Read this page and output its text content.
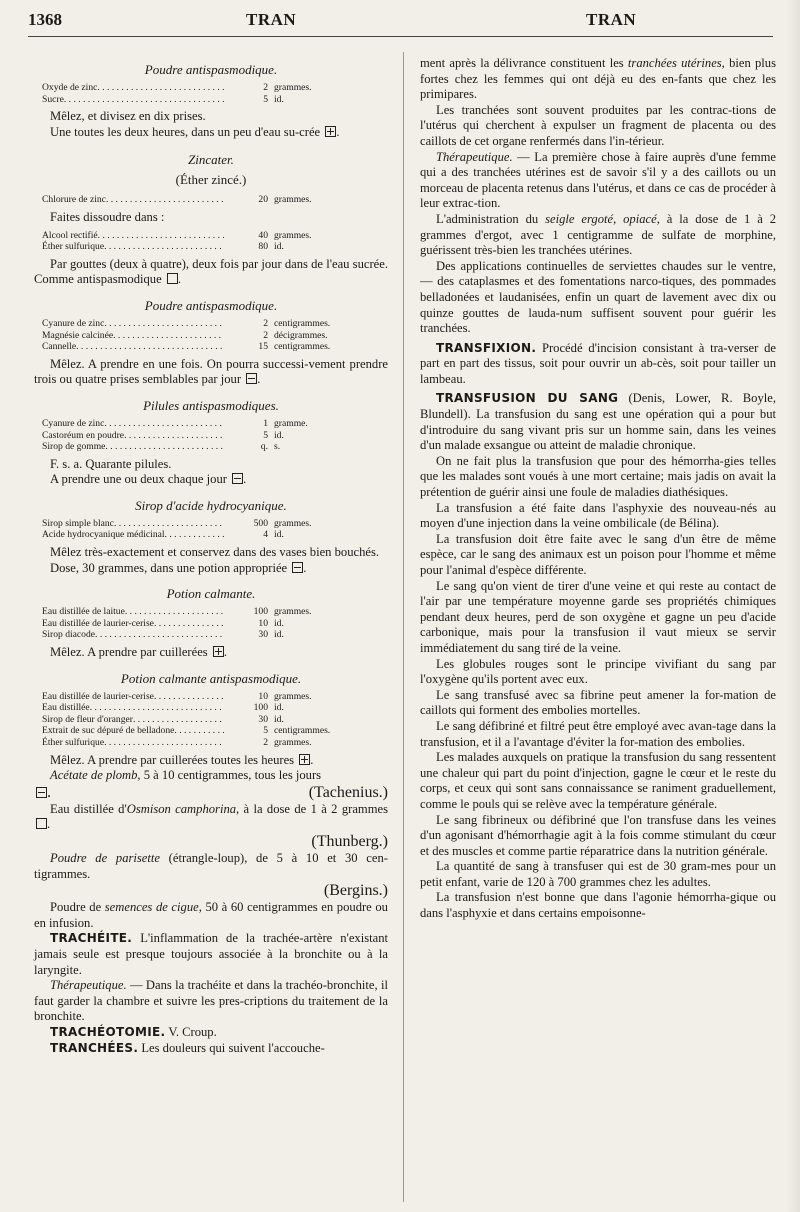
1368	TRAN	TRAN
Poudre antispasmodique.
Oxyde de zinc . . .	2 grammes.
Sucre . . .	5 id.

Mêlez, et divisez en dix prises.

Une toutes les deux heures, dans un peu d'eau su-crée .

Zincater.
(Éther zincé.)
Chlorure de zinc . . .	20 grammes.

Faites dissoudre dans :

Alcool rectifié . . .	40 grammes.
Éther sulfurique . . .	80 id.

Par gouttes (deux à quatre), deux fois par jour dans de l'eau sucrée. Comme antispasmodique .

Poudre antispasmodique.
Cyanure de zinc . . .	2 centigrammes.
Magnésie calcinée . . .	2 décigrammes.
Cannelle . . .	15 centigrammes.

Mêlez. A prendre en une fois. On pourra successi-vement prendre trois ou quatre prises semblables par jour .

Pilules antispasmodiques.
Cyanure de zinc . . .	1 gramme.
Castoréum en poudre . . .	5 id.
Sirop de gomme . . .	q. s.

F. s. a. Quarante pilules.

A prendre une ou deux chaque jour .

Sirop d'acide hydrocyanique.
Sirop simple blanc . . .	500 grammes.
Acide hydrocyanique médicinal . . .	4 id.

Mêlez très-exactement et conservez dans des vases bien bouchés.

Dose, 30 grammes, dans une potion appropriée .

Potion calmante.
Eau distillée de laitue . . .	100 grammes.
Eau distillée de laurier-cerise . . .	10 id.
Sirop diacode . . .	30 id.

Mêlez. A prendre par cuillerées .

Potion calmante antispasmodique.
Eau distillée de laurier-cerise . . .	10 grammes.
Eau distillée . . .	100 id.
Sirop de fleur d'oranger . . .	30 id.
Extrait de suc dépuré de belladone . . .	5 centigrammes.
Éther sulfurique . . .	2 grammes.

Mêlez. A prendre par cuillerées toutes les heures .

Acétate de plomb, 5 à 10 centigrammes, tous les jours

.	(Tachenius.)

Eau distillée d'Osmison camphorina, à la dose de 1 à 2 grammes .

(Thunberg.)

Poudre de parisette (étrangle-loup), de 5 à 10 et 30 cen-tigrammes.

(Bergins.)

Poudre de semences de cigue, 50 à 60 centigrammes en poudre ou en infusion.

TRACHÉITE. L'inflammation de la trachée-artère n'existant jamais seule est presque toujours associée à la bronchite ou à la laryngite.

Thérapeutique. — Dans la trachéite et dans la trachéo-bronchite, il faut garder la chambre et suivre les pres-criptions du traitement de la bronchite.

TRACHÉOTOMIE. V. Croup.

TRANCHÉES. Les douleurs qui suivent l'accouche-

ment après la délivrance constituent les tranchées utérines, bien plus fortes chez les femmes qui ont déjà eu des en-fants que chez les primipares.

Les tranchées sont souvent produites par les contrac-tions de l'utérus qui cherchent à expulser un fragment de placenta ou des caillots de cet organe renfermés dans l'in-térieur.

Thérapeutique. — La première chose à faire auprès d'une femme qui a des tranchées utérines est de savoir s'il y a des caillots ou un morceau de placenta retenus dans l'utérus, et dans ce cas de procéder à leur extrac-tion.

L'administration du seigle ergoté, opiacé, à la dose de 1 à 2 grammes d'ergot, avec 1 centigramme de sulfate de morphine, guérissent très-bien les tranchées utérines.

Des applications continuelles de serviettes chaudes sur le ventre, — des cataplasmes et des fomentations narco-tiques, des pommades belladonées et laudanisées, enfin un quart de lavement avec dix ou quinze gouttes de lauda-num suffisent souvent pour guérir les tranchées.

TRANSFIXION. Procédé d'incision consistant à tra-verser de part en part des tissus, soit pour ouvrir un ab-cès, soit pour tailler un lambeau.

TRANSFUSION DU SANG (Denis, Lower, R. Boyle, Blundell). La transfusion du sang est une opération qui a pour but d'introduire du sang vivant pris sur un homme sain, dans les veines d'un malade exsangue ou atteint de maladie chronique.

On ne fait plus la transfusion que pour des hémorrha-gies telles que les malades sont voués à une mort certaine; mais jadis on avait la prétention de guérir ainsi une foule de maladies diathésiques.

La transfusion a été faite dans l'asphyxie des nouveau-nés au moyen d'une injection dans la veine ombilicale (de Bélina).

La transfusion doit être faite avec le sang d'un être de même espèce, car le sang des animaux est un poison pour l'homme et même pour l'animal d'espèce différente.

Le sang qu'on vient de tirer d'une veine et qui reste au contact de l'air par une température moyenne garde ses propriétés chimiques pendant deux heures, perd de son oxygène et gagne un peu d'acide carbonique, mais pour la transfusion il vaut mieux se servir immédiatement du sang tiré de la veine.

Les globules rouges sont le principe vivifiant du sang par l'oxygène qu'ils portent avec eux.

Le sang transfusé avec sa fibrine peut amener la for-mation de caillots qui forment des embolies mortelles.

Le sang défibriné et filtré peut être employé avec avan-tage dans la transfusion, et il a l'avantage d'éviter la for-mation des embolies.

Les malades auxquels on pratique la transfusion du sang ressentent une chaleur qui part du point d'injection, gagne le cœur et le reste du corps, et ceux qui sont sans connaissance se raniment graduellement, comme le pouls qui se relève avec la température générale.

Le sang fibrineux ou défibriné que l'on transfuse dans les veines d'un agonisant d'hémorrhagie agit à la fois comme stimulant du cœur et des muscles et comme partie réparatrice dans la nutrition générale.

La quantité de sang à transfuser qui est de 30 gram-mes pour un petit enfant, varie de 120 à 700 grammes chez les adultes.

La transfusion n'est bonne que dans l'agonie hémorrha-gique ou dans l'asphyxie et dans certains empoisonne-
